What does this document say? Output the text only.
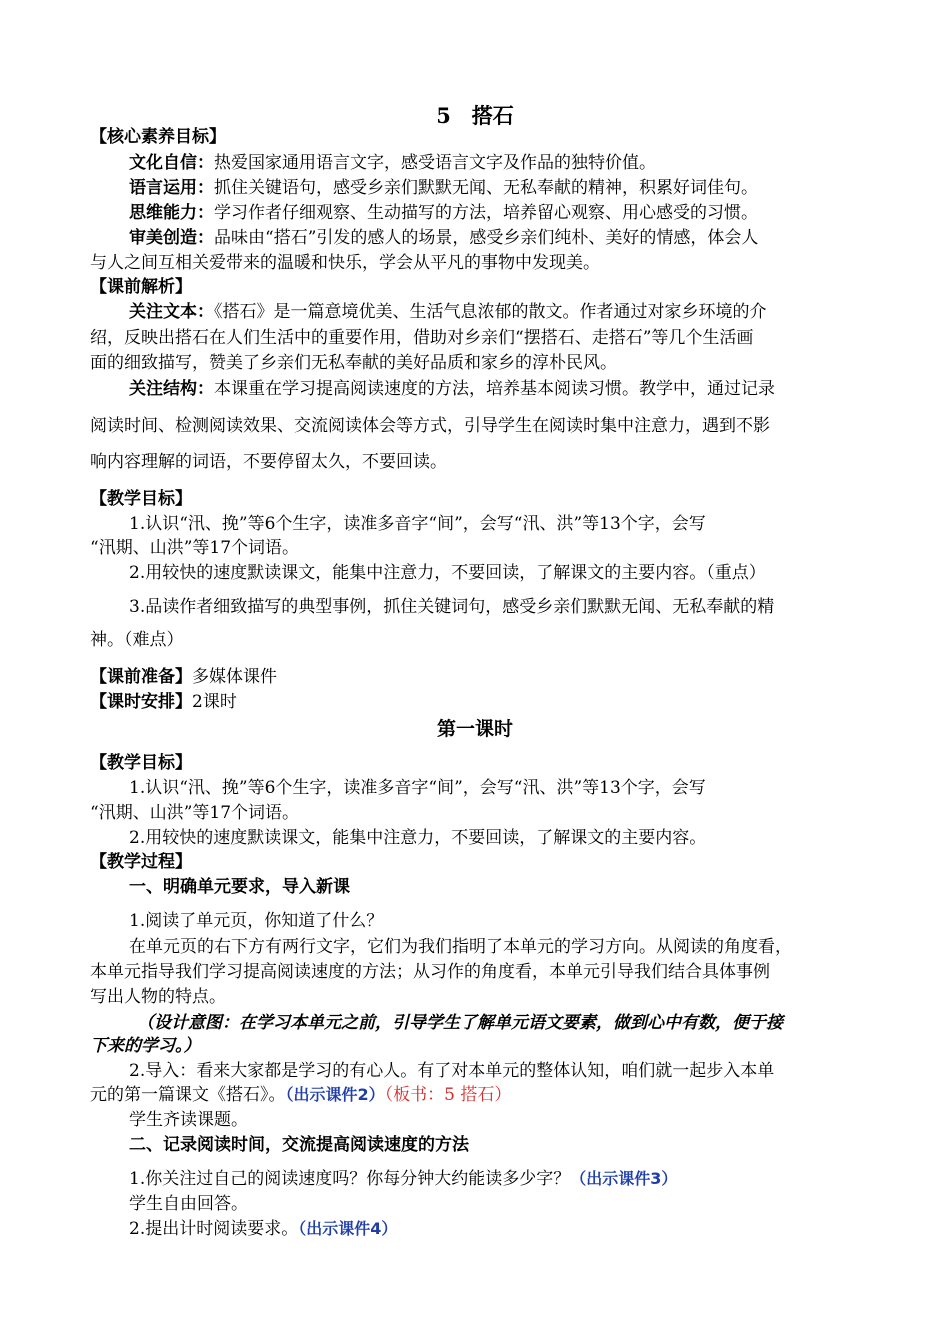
5　搭石
【核心素养目标】
文化自信：热爱国家通用语言文字，感受语言文字及作品的独特价值。
语言运用：抓住关键语句，感受乡亲们默默无闻、无私奉献的精神，积累好词佳句。
思维能力：学习作者仔细观察、生动描写的方法，培养留心观察、用心感受的习惯。
审美创造：品味由“搭石”引发的感人的场景，感受乡亲们纯朴、美好的情感，体会人
与人之间互相关爱带来的温暖和快乐，学会从平凡的事物中发现美。
【课前解析】
关注文本：《搭石》是一篇意境优美、生活气息浓郁的散文。作者通过对家乡环境的介
绍，反映出搭石在人们生活中的重要作用，借助对乡亲们“摆搭石、走搭石”等几个生活画
面的细致描写，赞美了乡亲们无私奉献的美好品质和家乡的淳朴民风。
关注结构：本课重在学习提高阅读速度的方法，培养基本阅读习惯。教学中，通过记录
阅读时间、检测阅读效果、交流阅读体会等方式，引导学生在阅读时集中注意力，遇到不影
响内容理解的词语，不要停留太久，不要回读。
【教学目标】
1.认识“汛、挽”等6个生字，读准多音字“间”，会写“汛、洪”等13个字，会写
“汛期、山洪”等17个词语。
2.用较快的速度默读课文，能集中注意力，不要回读，了解课文的主要内容。（重点）
3.品读作者细致描写的典型事例，抓住关键词句，感受乡亲们默默无闻、无私奉献的精
神。（难点）
【课前准备】多媒体课件
【课时安排】2课时
第一课时
【教学目标】
1.认识“汛、挽”等6个生字，读准多音字“间”，会写“汛、洪”等13个字，会写
“汛期、山洪”等17个词语。
2.用较快的速度默读课文，能集中注意力，不要回读，了解课文的主要内容。
【教学过程】
一、明确单元要求，导入新课
1.阅读了单元页，你知道了什么？
在单元页的右下方有两行文字，它们为我们指明了本单元的学习方向。从阅读的角度看，
本单元指导我们学习提高阅读速度的方法；从习作的角度看，本单元引导我们结合具体事例
写出人物的特点。
（设计意图：在学习本单元之前，引导学生了解单元语文要素，做到心中有数，便于接
下来的学习。）
2.导入：看来大家都是学习的有心人。有了对本单元的整体认知，咱们就一起步入本单
元的第一篇课文《搭石》。（出示课件2）（板书：5 搭石）
学生齐读课题。
二、记录阅读时间，交流提高阅读速度的方法
1.你关注过自己的阅读速度吗？你每分钟大约能读多少字？（出示课件3）
学生自由回答。
2.提出计时阅读要求。（出示课件4）
